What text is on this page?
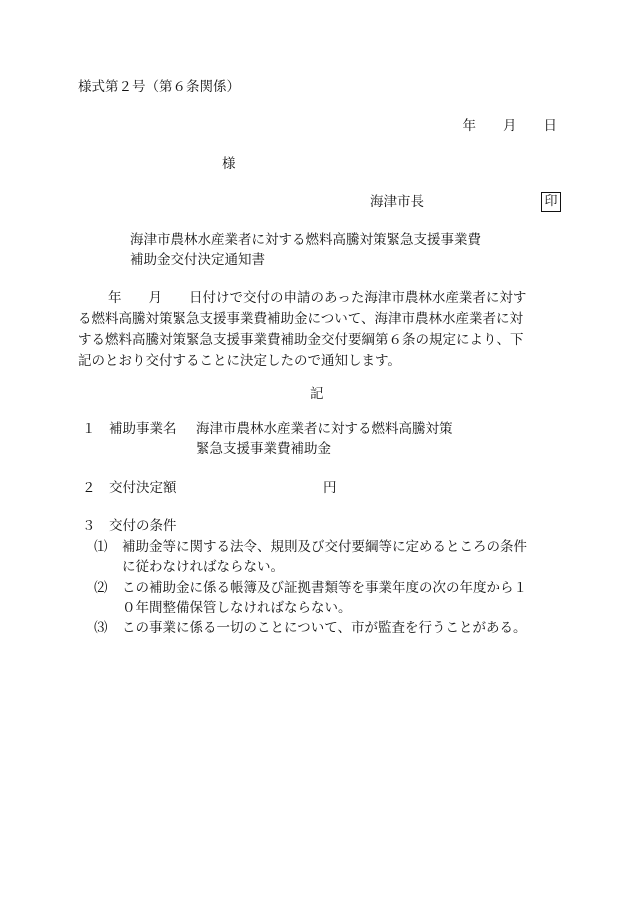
様式第２号（第６条関係）
年　　 月　　 日
様
海津市長	印
海津市農林水産業者に対する燃料高騰対策緊急支援事業費
補助金交付決定通知書
年　　月　　日付けで交付の申請のあった海津市農林水産業者に対す
る燃料高騰対策緊急支援事業費補助金について、海津市農林水産業者に対
する燃料高騰対策緊急支援事業費補助金交付要綱第６条の規定により、下
記のとおり交付することに決定したので通知します。
記
１　補助事業名 海津市農林水産業者に対する燃料高騰対策
緊急支援事業費補助金
２　交付決定額	円
３　交付の条件
⑴ 補助金等に関する法令、規則及び交付要綱等に定めるところの条件
に従わなければならない。
⑵ この補助金に係る帳簿及び証拠書類等を事業年度の次の年度から１
０年間整備保管しなければならない。
⑶ この事業に係る一切のことについて、市が監査を行うことがある。
